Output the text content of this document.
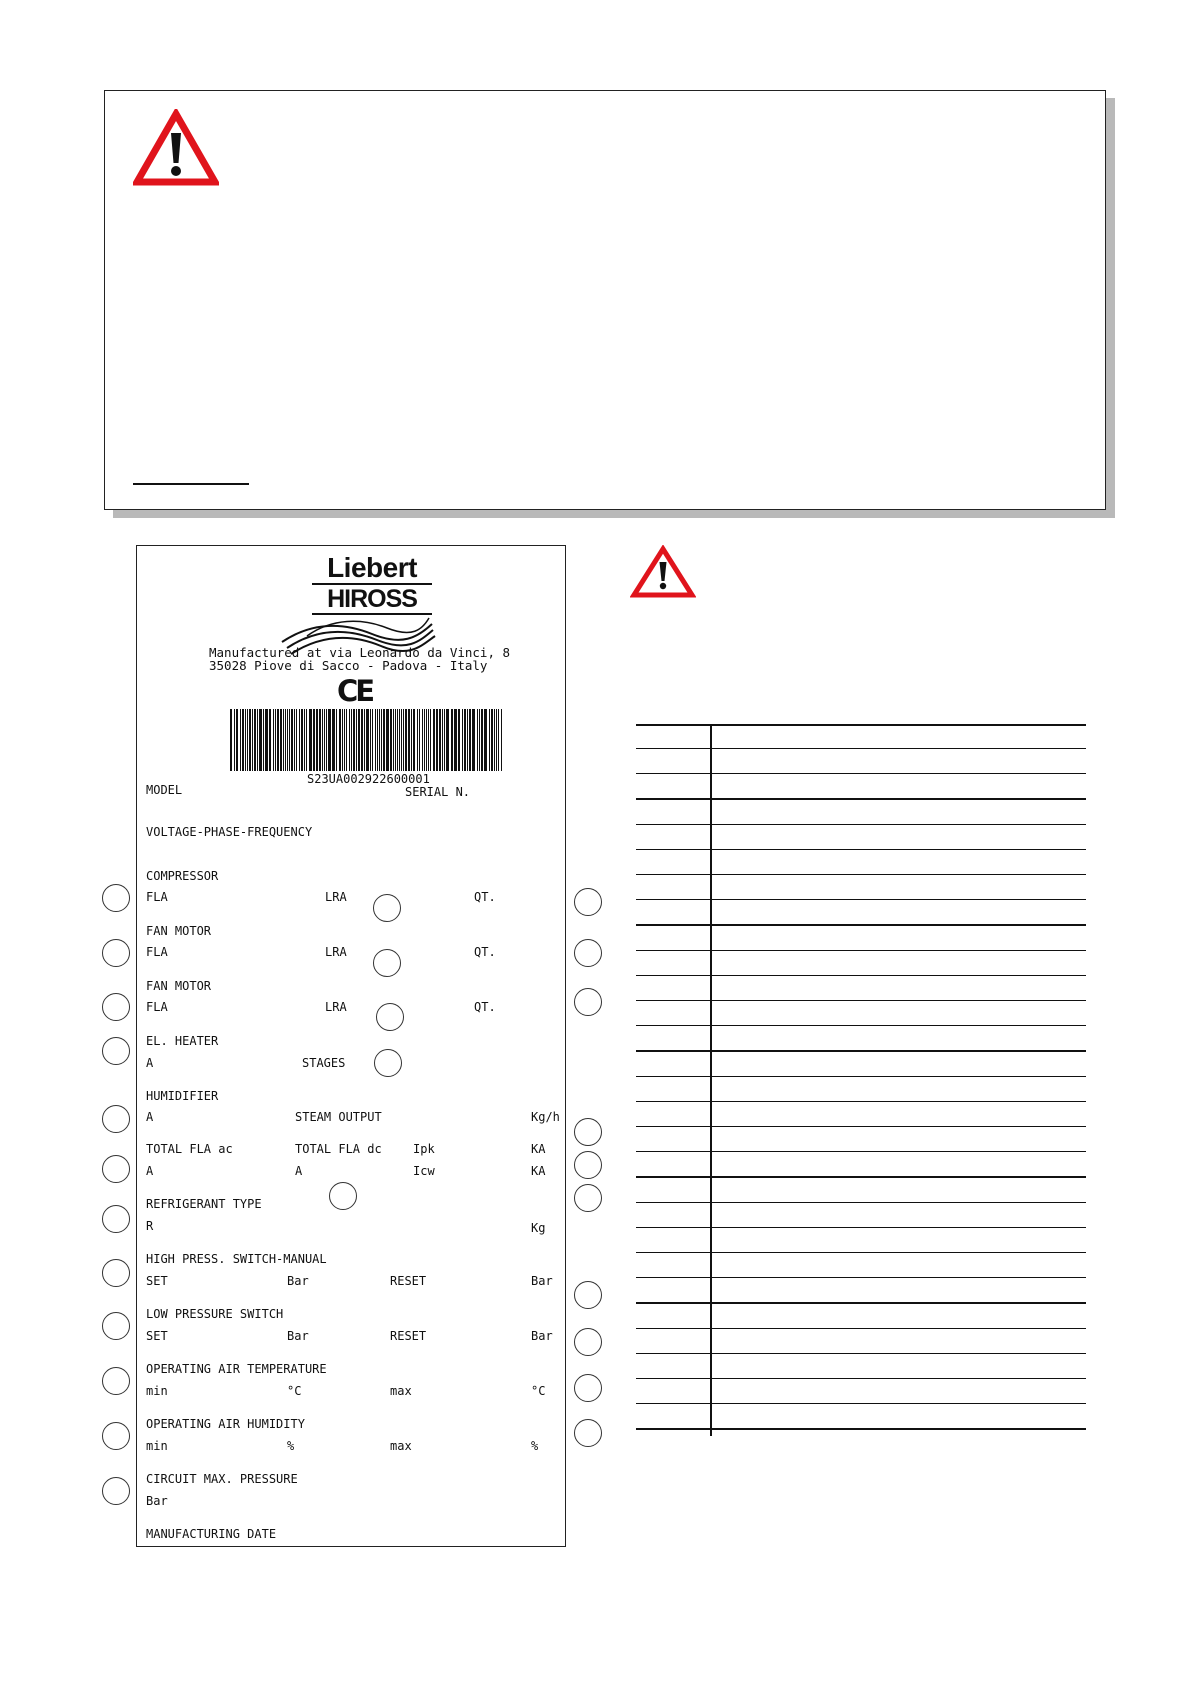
Liebert
HIROSS
Manufactured at via Leonardo da Vinci, 8
35028 Piove di Sacco - Padova - Italy
CE
S23UA002922600001
MODEL	SERIAL N.
VOLTAGE-PHASE-FREQUENCY
COMPRESSOR
FLA	LRA	QT.
FAN MOTOR
FLA	LRA	QT.
FAN MOTOR
FLA	LRA	QT.
EL. HEATER
A	STAGES
HUMIDIFIER
A	STEAM OUTPUT	Kg/h
TOTAL FLA ac	TOTAL FLA dc	Ipk	KA
A	A	Icw	KA
REFRIGERANT TYPE
R	Kg
HIGH PRESS. SWITCH-MANUAL
SET	Bar	RESET	Bar
LOW PRESSURE SWITCH
SET	Bar	RESET	Bar
OPERATING AIR TEMPERATURE
min	°C	max	°C
OPERATING AIR HUMIDITY
min	%	max	%
CIRCUIT MAX. PRESSURE
Bar
MANUFACTURING DATE
